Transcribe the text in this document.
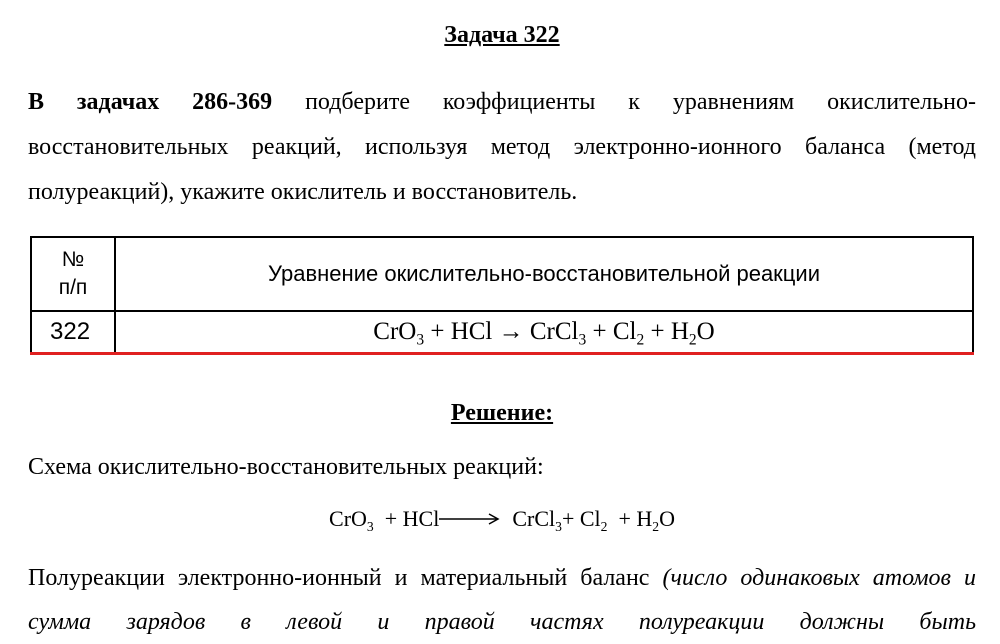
Задача 322
В задачах 286-369 подберите коэффициенты к уравнениям окислительно-восстановительных реакций, используя метод электронно-ионного баланса (метод полуреакций), укажите окислитель и восстановитель.
№
п/п	Уравнение окислительно-восстановительной реакции
322	CrO$_3$ + HCl → CrCl$_3$ + $Cl_2 + H_2O$
Решение:
Схема окислительно-восстановительных реакций:
CrO$_3$  + HCl	CrCl$_3$+ $Cl_2 + H_2O$
Полуреакции электронно-ионный и материальный баланс (число одинаковых атомов и сумма зарядов в левой и правой частях полуреакции должны быть
